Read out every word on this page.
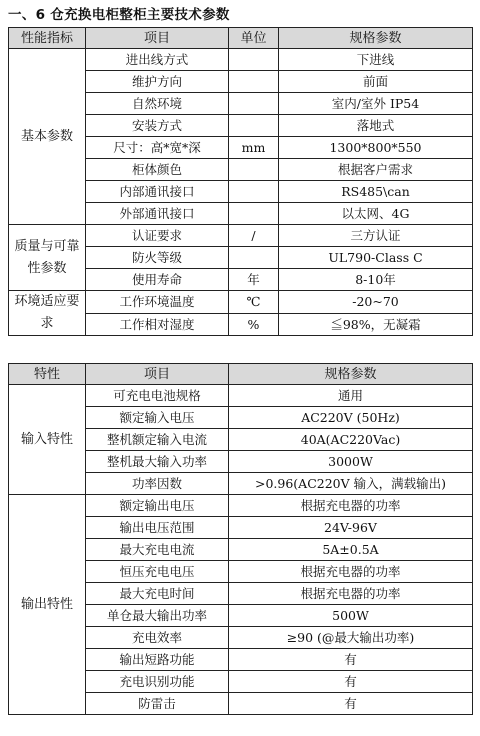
一、6 仓充换电柜整柜主要技术参数
性能指标	项目	单位	规格参数
基本参数	进出线方式		下进线
	维护方向		前面
	自然环境		室内/室外 IP54
	安装方式		落地式
	尺寸：高*宽*深	mm	1300*800*550
	柜体颜色		根据客户需求
	内部通讯接口		RS485\can
	外部通讯接口		以太网、4G
质量与可靠性参数	认证要求	/	三方认证
	防火等级		UL790-Class C
	使用寿命	年	8-10年
环境适应要求	工作环境温度	℃	-20~70
	工作相对湿度	%	≦98%，无凝霜
特性	项目	规格参数
输入特性	可充电电池规格	通用
	额定输入电压	AC220V (50Hz)
	整机额定输入电流	40A(AC220Vac)
	整机最大输入功率	3000W
	功率因数	>0.96(AC220V 输入，满载输出)
输出特性	额定输出电压	根据充电器的功率
	输出电压范围	24V-96V
	最大充电电流	5A±0.5A
	恒压充电电压	根据充电器的功率
	最大充电时间	根据充电器的功率
	单仓最大输出功率	500W
	充电效率	≥90 (@最大输出功率)
	输出短路功能	有
	充电识别功能	有
	防雷击	有
